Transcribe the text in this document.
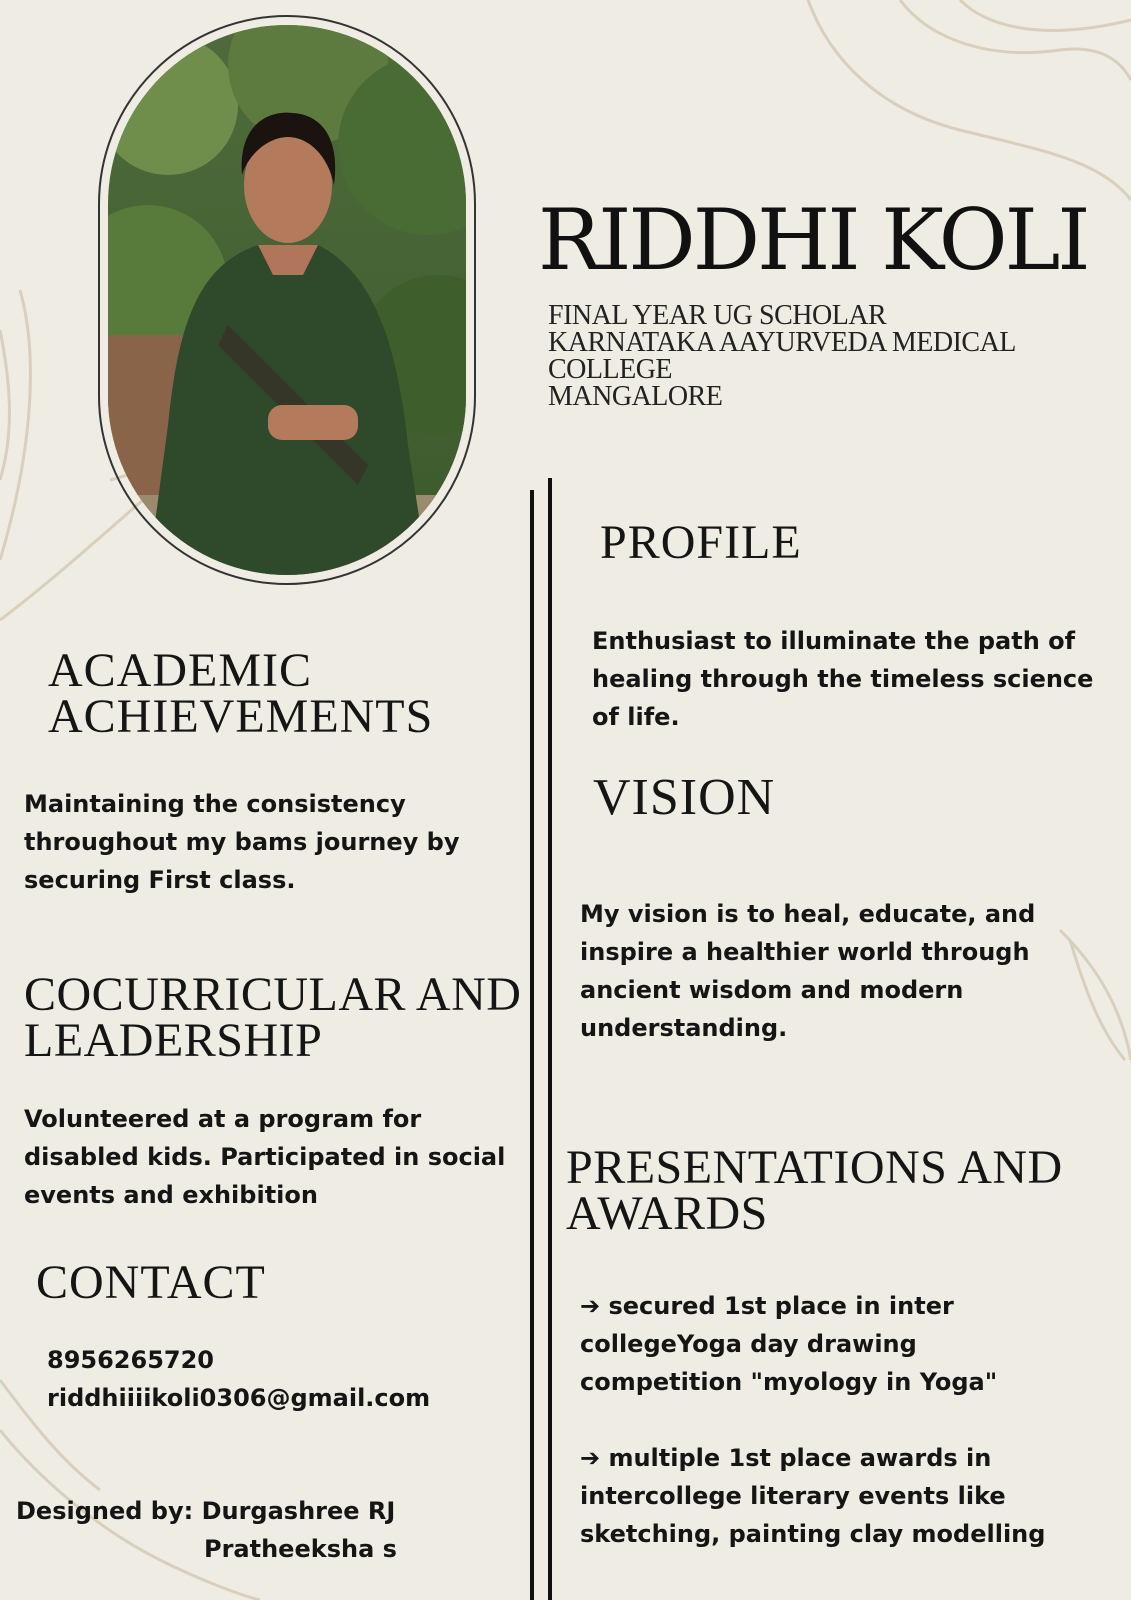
RIDDHI KOLI
FINAL YEAR UG SCHOLAR
KARNATAKA AAYURVEDA MEDICAL
COLLEGE
MANGALORE
ACADEMIC
ACHIEVEMENTS
Maintaining the consistency throughout my bams journey by securing First class.
COCURRICULAR AND
LEADERSHIP
Volunteered at a program for disabled kids. Participated in social events and exhibition
CONTACT
8956265720
riddhiiiikoli0306@gmail.com
Designed by: Durgashree RJ
Pratheeksha s
PROFILE
Enthusiast to illuminate the path of healing through the timeless science of life.
VISION
My vision is to heal, educate, and inspire a healthier world through ancient wisdom and modern understanding.
PRESENTATIONS AND
AWARDS
➔ secured 1st place in inter collegeYoga day drawing competition "myology in Yoga"
➔ multiple 1st place awards in intercollege literary events like sketching, painting clay modelling
